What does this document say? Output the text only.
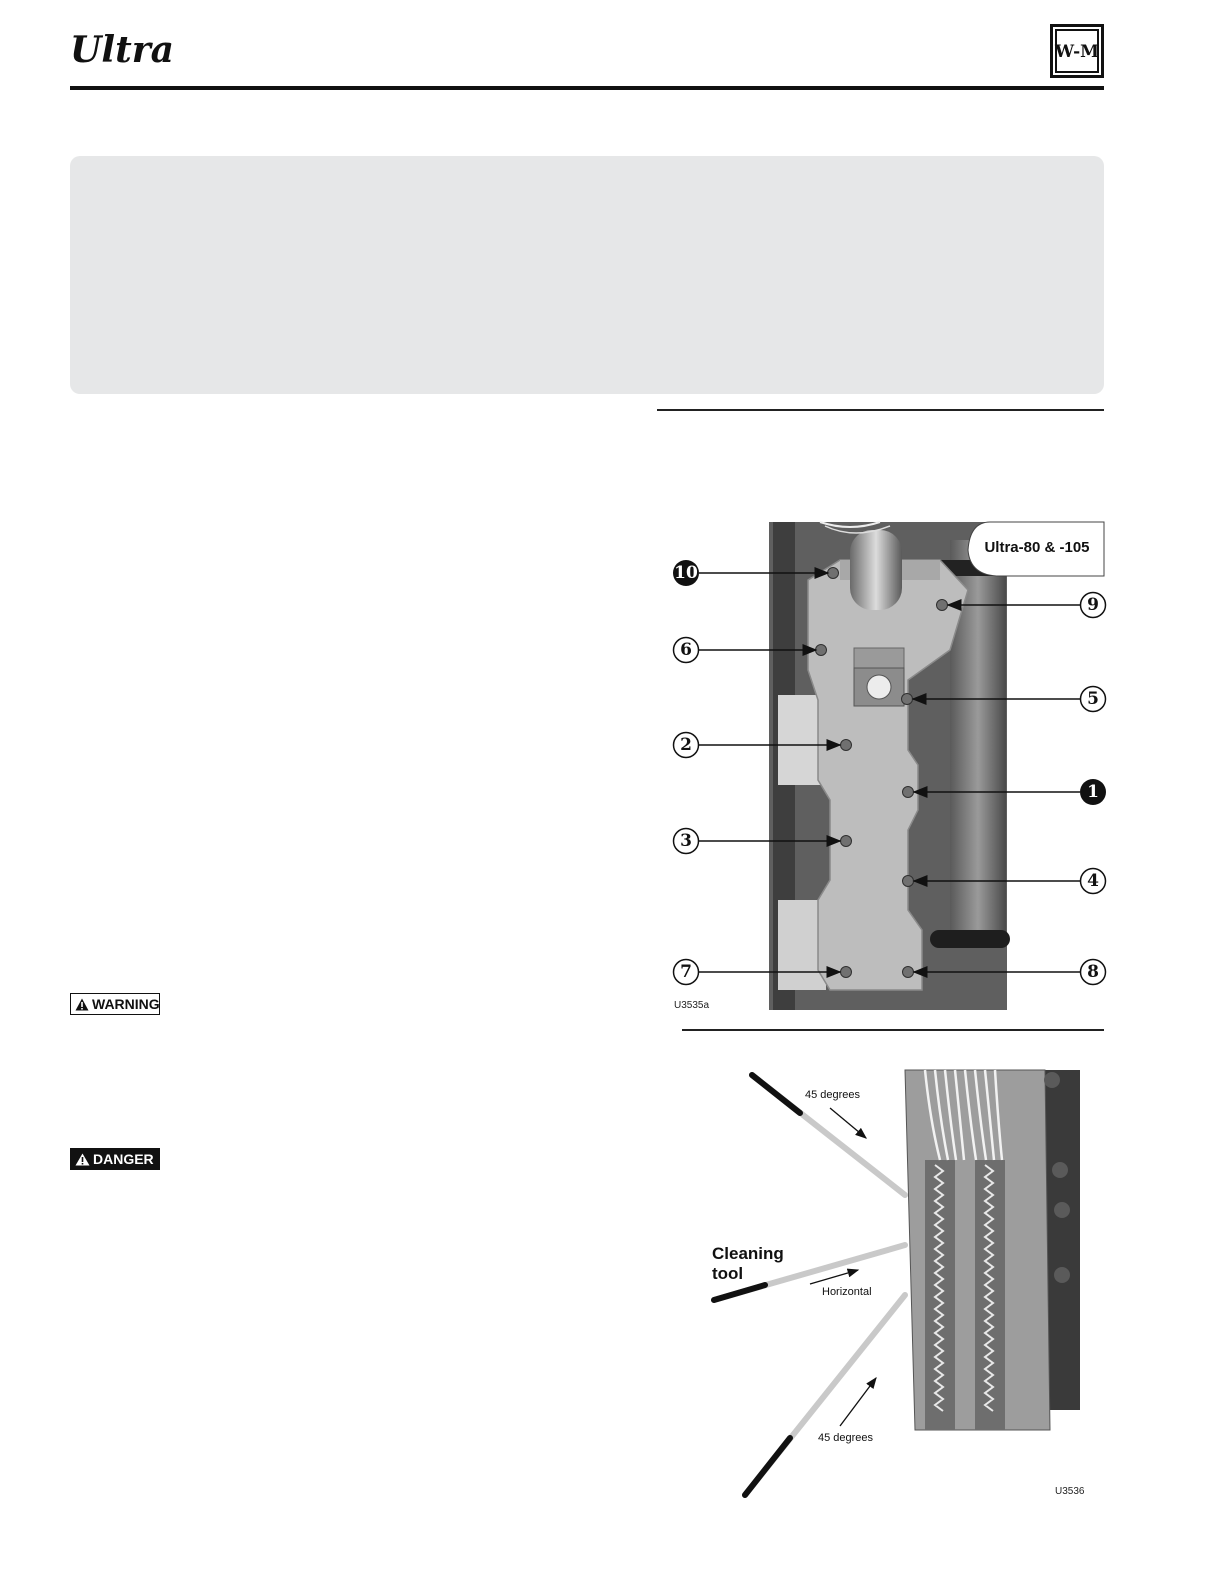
Ultra	W-M
WARNING
DANGER
Ultra-80 & -105
10
6
2
3
7
9
5
1
4
8
U3535a
45 degrees
Cleaning
tool
Horizontal
45 degrees
U3536
